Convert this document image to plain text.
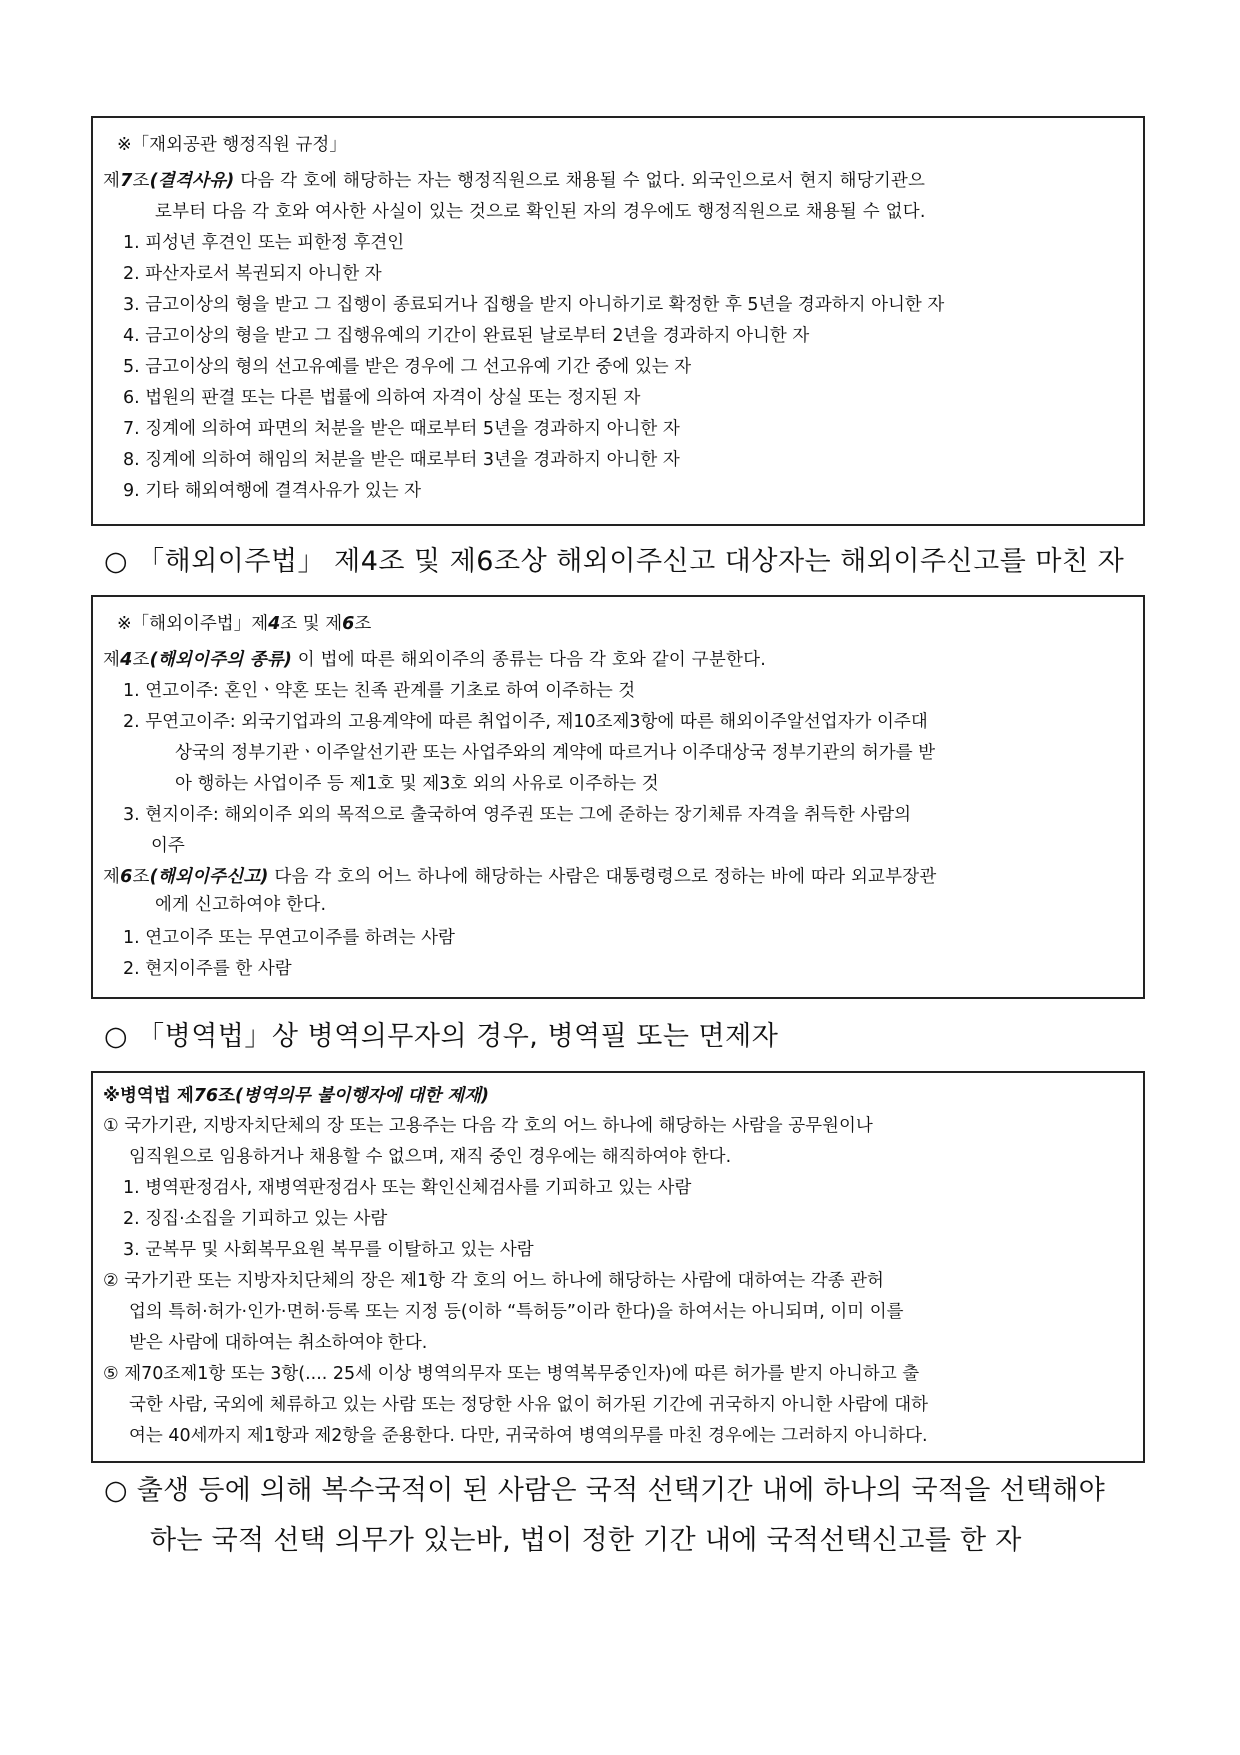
※「재외공관 행정직원 규정」
제7조(결격사유) 다음 각 호에 해당하는 자는 행정직원으로 채용될 수 없다. 외국인으로서 현지 해당기관으
로부터 다음 각 호와 여사한 사실이 있는 것으로 확인된 자의 경우에도 행정직원으로 채용될 수 없다.
1. 피성년 후견인 또는 피한정 후견인
2. 파산자로서 복권되지 아니한 자
3. 금고이상의 형을 받고 그 집행이 종료되거나 집행을 받지 아니하기로 확정한 후 5년을 경과하지 아니한 자
4. 금고이상의 형을 받고 그 집행유예의 기간이 완료된 날로부터 2년을 경과하지 아니한 자
5. 금고이상의 형의 선고유예를 받은 경우에 그 선고유예 기간 중에 있는 자
6. 법원의 판결 또는 다른 법률에 의하여 자격이 상실 또는 정지된 자
7. 징계에 의하여 파면의 처분을 받은 때로부터 5년을 경과하지 아니한 자
8. 징계에 의하여 해임의 처분을 받은 때로부터 3년을 경과하지 아니한 자
9. 기타 해외여행에 결격사유가 있는 자
○ 「해외이주법」 제4조 및 제6조상 해외이주신고 대상자는 해외이주신고를 마친 자
※「해외이주법」제4조 및 제6조
제4조(해외이주의 종류) 이 법에 따른 해외이주의 종류는 다음 각 호와 같이 구분한다.
1. 연고이주: 혼인ㆍ약혼 또는 친족 관계를 기초로 하여 이주하는 것
2. 무연고이주: 외국기업과의 고용계약에 따른 취업이주, 제10조제3항에 따른 해외이주알선업자가 이주대
상국의 정부기관ㆍ이주알선기관 또는 사업주와의 계약에 따르거나 이주대상국 정부기관의 허가를 받
아 행하는 사업이주 등 제1호 및 제3호 외의 사유로 이주하는 것
3. 현지이주: 해외이주 외의 목적으로 출국하여 영주권 또는 그에 준하는 장기체류 자격을 취득한 사람의
이주
제6조(해외이주신고) 다음 각 호의 어느 하나에 해당하는 사람은 대통령령으로 정하는 바에 따라 외교부장관
에게 신고하여야 한다.
1. 연고이주 또는 무연고이주를 하려는 사람
2. 현지이주를 한 사람
○ 「병역법」상 병역의무자의 경우, 병역필 또는 면제자
※병역법 제76조(병역의무 불이행자에 대한 제재)
① 국가기관, 지방자치단체의 장 또는 고용주는 다음 각 호의 어느 하나에 해당하는 사람을 공무원이나
임직원으로 임용하거나 채용할 수 없으며, 재직 중인 경우에는 해직하여야 한다.
1. 병역판정검사, 재병역판정검사 또는 확인신체검사를 기피하고 있는 사람
2. 징집·소집을 기피하고 있는 사람
3. 군복무 및 사회복무요원 복무를 이탈하고 있는 사람
② 국가기관 또는 지방자치단체의 장은 제1항 각 호의 어느 하나에 해당하는 사람에 대하여는 각종 관허
업의 특허·허가·인가·면허·등록 또는 지정 등(이하 “특허등”이라 한다)을 하여서는 아니되며, 이미 이를
받은 사람에 대하여는 취소하여야 한다.
⑤ 제70조제1항 또는 3항(.... 25세 이상 병역의무자 또는 병역복무중인자)에 따른 허가를 받지 아니하고 출
국한 사람, 국외에 체류하고 있는 사람 또는 정당한 사유 없이 허가된 기간에 귀국하지 아니한 사람에 대하
여는 40세까지 제1항과 제2항을 준용한다. 다만, 귀국하여 병역의무를 마친 경우에는 그러하지 아니하다.
○ 출생 등에 의해 복수국적이 된 사람은 국적 선택기간 내에 하나의 국적을 선택해야
하는 국적 선택 의무가 있는바, 법이 정한 기간 내에 국적선택신고를 한 자
